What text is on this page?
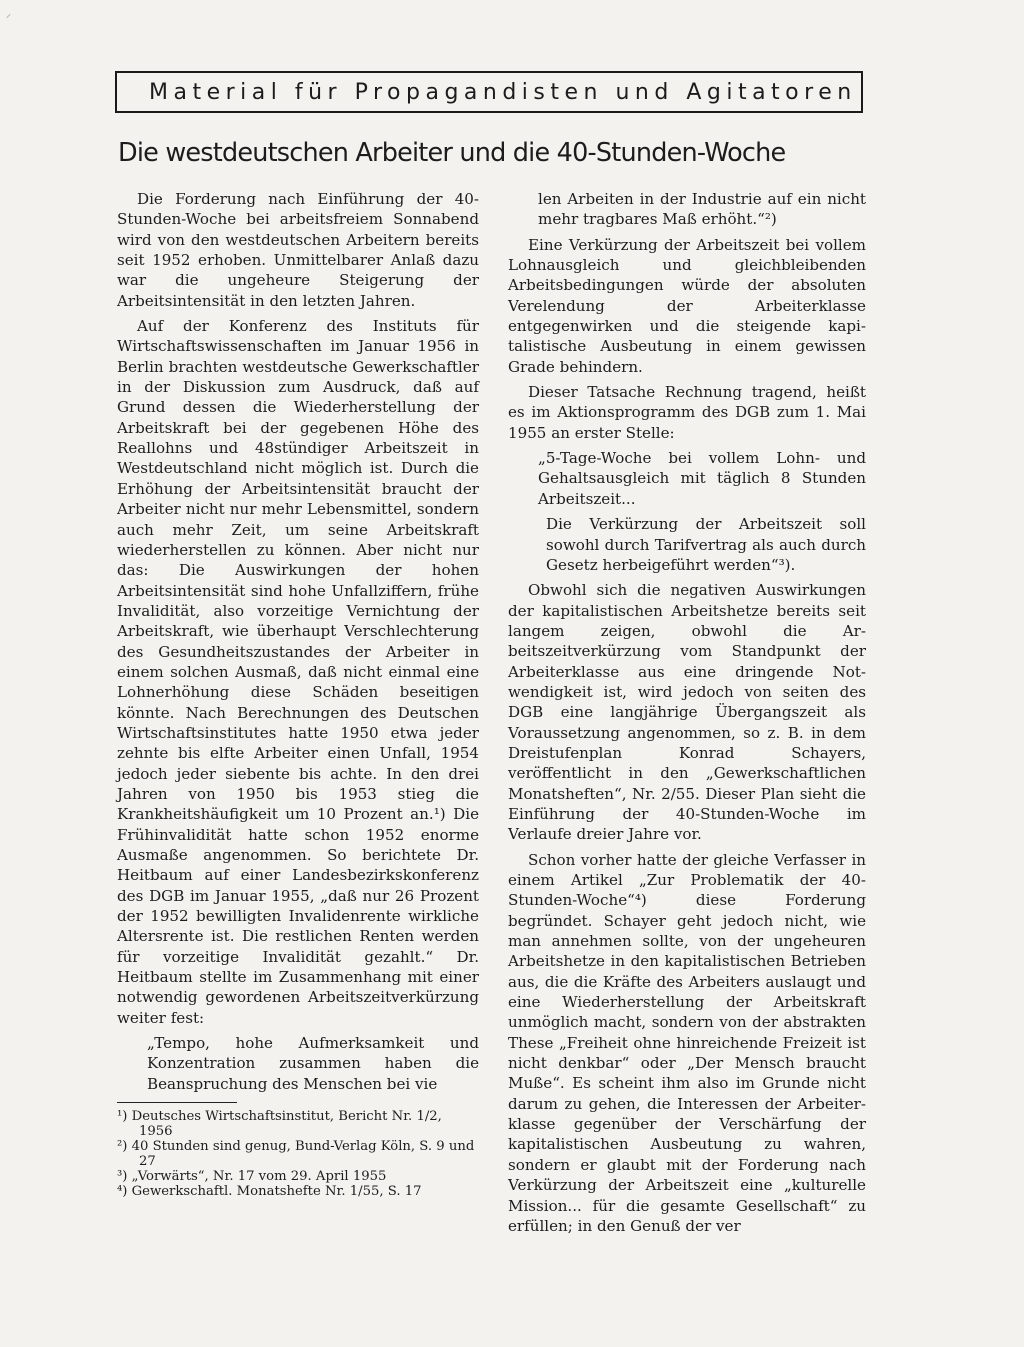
⸝
Material für Propagandisten und Agitatoren
Die westdeutschen Arbeiter und die 40-Stunden-Woche

Die Forderung nach Einführung der 40-Stunden-Woche bei arbeitsfreiem Sonnabend wird von den westdeutschen Arbeitern bereits seit 1952 erhoben. Unmittelbarer Anlaß dazu war die ungeheure Steigerung der Arbeitsintensität in den letzten Jahren.

Auf der Konferenz des Instituts für Wirtschaftswissenschaften im Januar 1956 in Berlin brachten westdeutsche Gewerkschaftler in der Diskussion zum Ausdruck, daß auf Grund dessen die Wiederherstellung der Arbeitskraft bei der gegebenen Höhe des Reallohns und 48stündiger Arbeitszeit in Westdeutschland nicht möglich ist. Durch die Erhöhung der Arbeitsintensität braucht der Arbeiter nicht nur mehr Lebensmittel, sondern auch mehr Zeit, um seine Arbeitskraft wiederherstellen zu können. Aber nicht nur das: Die Auswirkungen der hohen Arbeitsintensität sind hohe Unfallziffern, frühe Invalidität, also vorzeitige Vernichtung der Arbeitskraft, wie überhaupt Verschlechterung des Gesundheitszustandes der Arbeiter in einem solchen Ausmaß, daß nicht einmal eine Lohnerhöhung diese Schäden beseitigen könnte. Nach Berechnungen des Deutschen Wirtschaftsinstitutes hatte 1950 etwa jeder zehnte bis elfte Arbeiter einen Unfall, 1954 jedoch jeder siebente bis achte. In den drei Jahren von 1950 bis 1953 stieg die Krankheitshäufigkeit um 10 Prozent an.¹) Die Frühinvalidität hatte schon 1952 enorme Ausmaße angenommen. So berichtete Dr. Heitbaum auf einer Landesbezirkskonferenz des DGB im Januar 1955, „daß nur 26 Prozent der 1952 bewilligten Invalidenrente wirkliche Altersrente ist. Die restlichen Renten werden für vorzeitige Invalidität gezahlt.“ Dr. Heitbaum stellte im Zusammenhang mit einer notwendig gewordenen Arbeitszeitverkürzung weiter fest:

„Tempo, hohe Aufmerksamkeit und Konzentration zusammen haben die Beanspruchung des Menschen bei vie

¹) Deutsches Wirtschaftsinstitut, Bericht Nr. 1/2, 1956
²) 40 Stunden sind genug, Bund-Verlag Köln, S. 9 und 27
³) „Vorwärts“, Nr. 17 vom 29. April 1955
⁴) Gewerkschaftl. Monatshefte Nr. 1/55, S. 17

len Arbeiten in der Industrie auf ein nicht mehr tragbares Maß erhöht.“²)

Eine Verkürzung der Arbeitszeit bei vollem Lohnausgleich und gleichbleibenden Arbeitsbedingungen würde der absoluten Verelendung der Arbeiterklasse entgegenwirken und die steigende kapitalistische Ausbeutung in einem gewissen Grade behindern.

Dieser Tatsache Rechnung tragend, heißt es im Aktionsprogramm des DGB zum 1. Mai 1955 an erster Stelle:

„5-Tage-Woche bei vollem Lohn- und Gehaltsausgleich mit täglich 8 Stunden Arbeitszeit...

Die Verkürzung der Arbeitszeit soll sowohl durch Tarifvertrag als auch durch Gesetz herbeigeführt werden“³).

Obwohl sich die negativen Auswirkungen der kapitalistischen Arbeitshetze bereits seit langem zeigen, obwohl die Arbeitszeitverkürzung vom Standpunkt der Arbeiterklasse aus eine dringende Notwendigkeit ist, wird jedoch von seiten des DGB eine langjährige Übergangszeit als Voraussetzung angenommen, so z. B. in dem Dreistufenplan Konrad Schayers, veröffentlicht in den „Gewerkschaftlichen Monatsheften“, Nr. 2/55. Dieser Plan sieht die Einführung der 40-Stunden-Woche im Verlaufe dreier Jahre vor.

Schon vorher hatte der gleiche Verfasser in einem Artikel „Zur Problematik der 40-Stunden-Woche“⁴) diese Forderung begründet. Schayer geht jedoch nicht, wie man annehmen sollte, von der ungeheuren Arbeitshetze in den kapitalistischen Betrieben aus, die die Kräfte des Arbeiters auslaugt und eine Wiederherstellung der Arbeitskraft unmöglich macht, sondern von der abstrakten These „Freiheit ohne hinreichende Freizeit ist nicht denkbar“ oder „Der Mensch braucht Muße“. Es scheint ihm also im Grunde nicht darum zu gehen, die Interessen der Arbeiterklasse gegenüber der Verschärfung der kapitalistischen Ausbeutung zu wahren, sondern er glaubt mit der Forderung nach Verkürzung der Arbeitszeit eine „kulturelle Mission... für die gesamte Gesellschaft“ zu erfüllen; in den Genuß der ver
